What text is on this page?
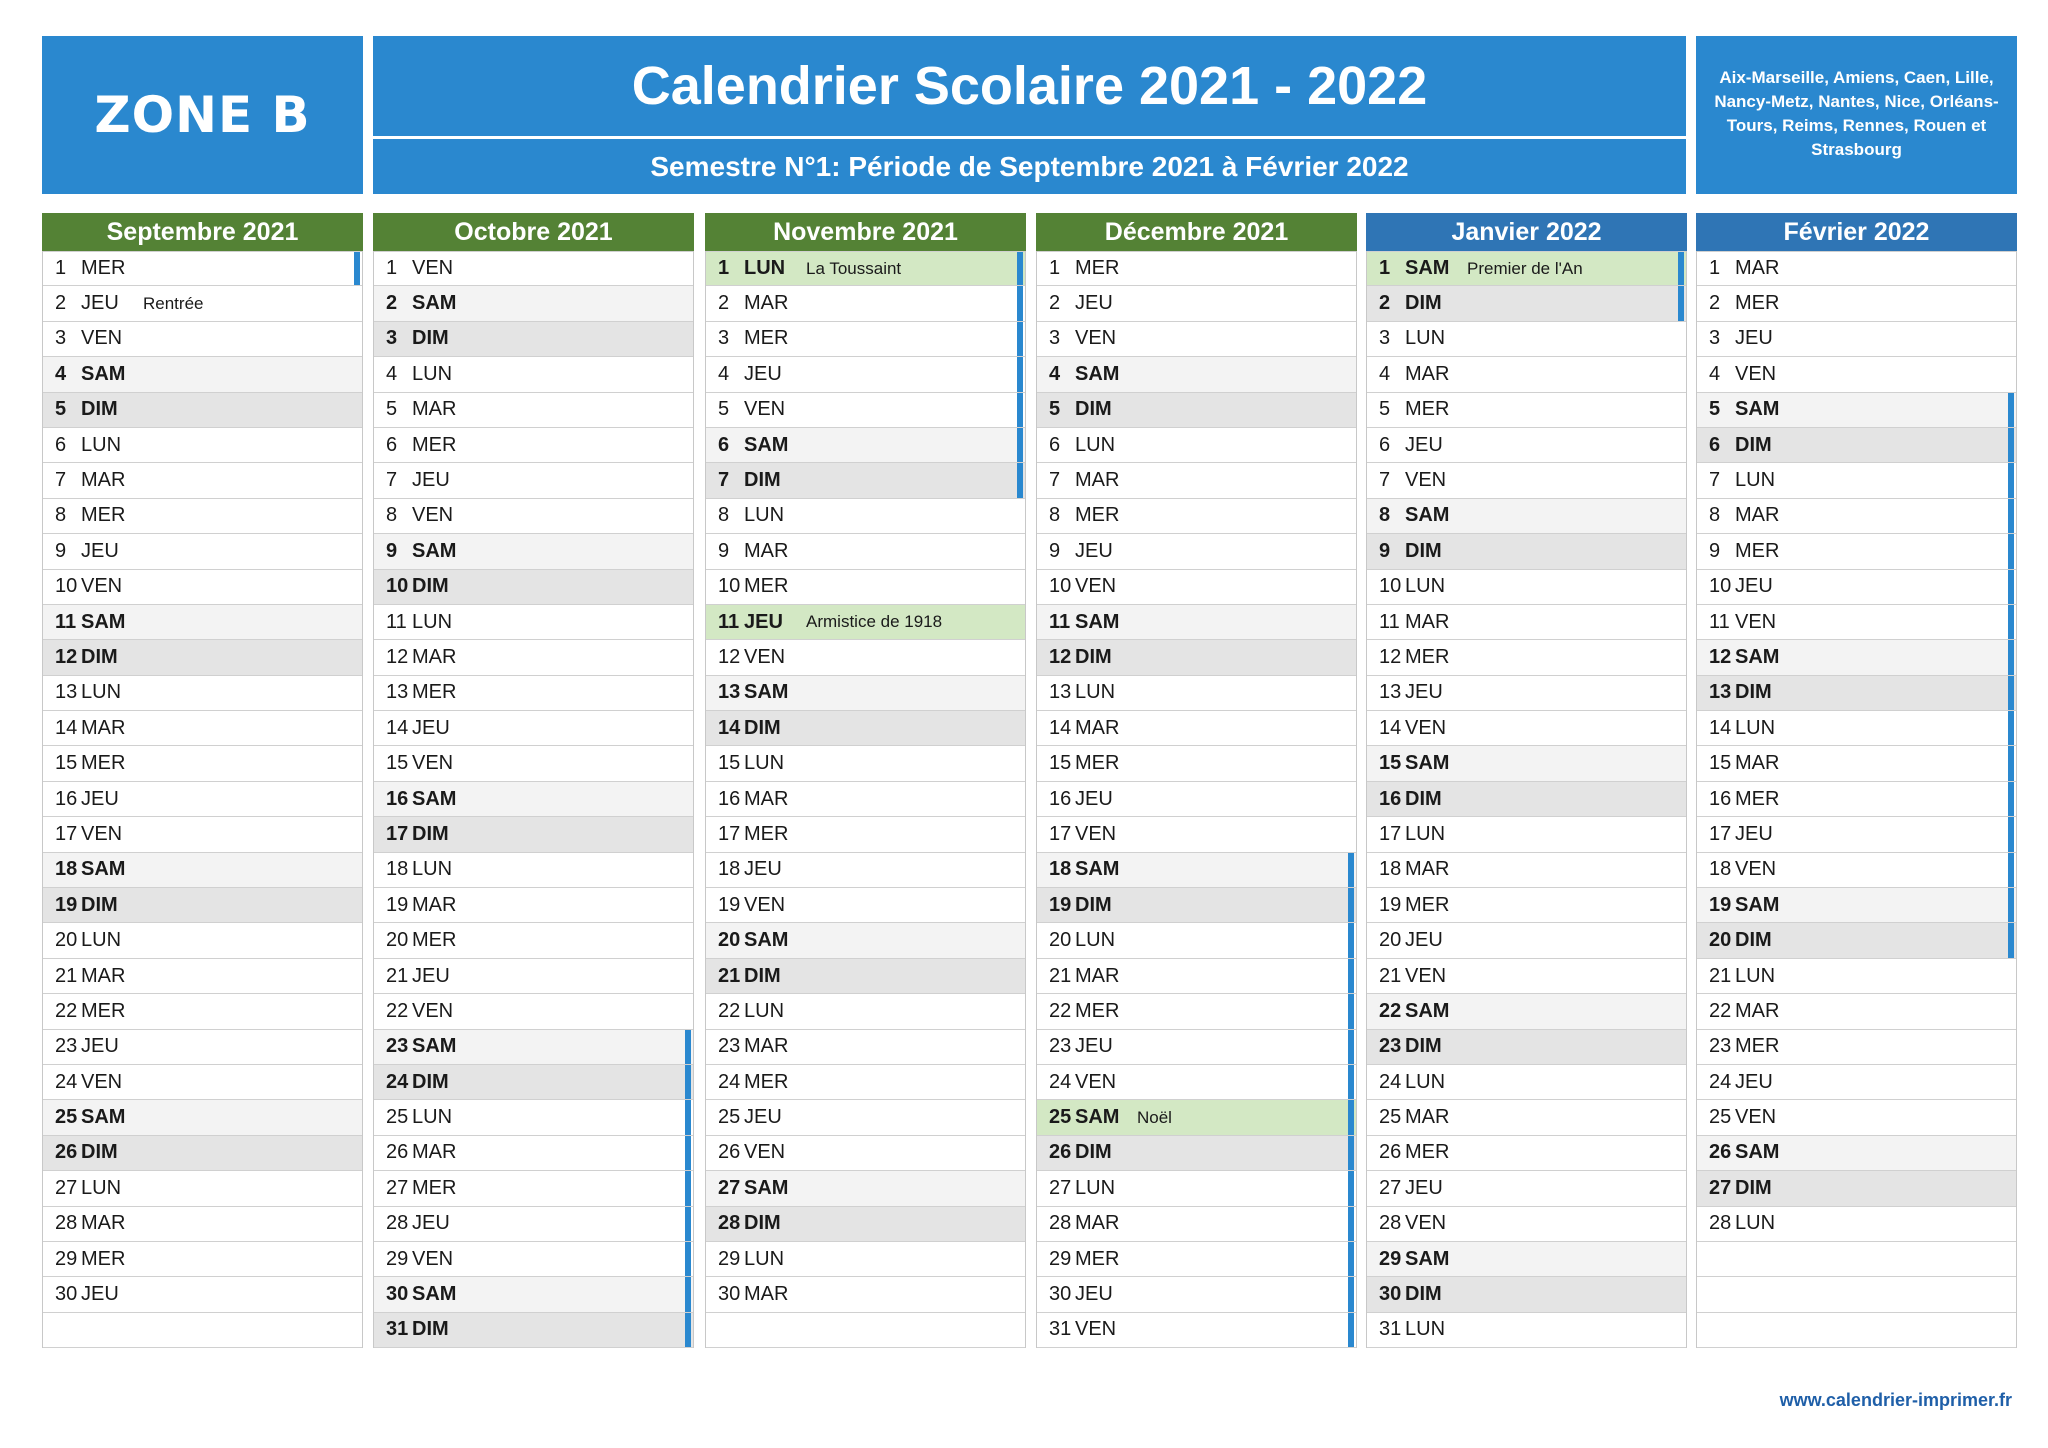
ZONE B	Calendrier Scolaire 2021 - 2022
Semestre N°1: Période de Septembre 2021 à Février 2022
Aix-Marseille, Amiens, Caen, Lille, Nancy-Metz, Nantes, Nice, Orléans-Tours, Reims, Rennes, Rouen et Strasbourg
Septembre 2021
1 MER
2 JEU	Rentrée
3 VEN
4 SAM
5 DIM
6 LUN
7 MAR
8 MER
9 JEU
10 VEN
11 SAM
12 DIM
13 LUN
14 MAR
15 MER
16 JEU
17 VEN
18 SAM
19 DIM
20 LUN
21 MAR
22 MER
23 JEU
24 VEN
25 SAM
26 DIM
27 LUN
28 MAR
29 MER
30 JEU
Octobre 2021
1 VEN
2 SAM
3 DIM
4 LUN
5 MAR
6 MER
7 JEU
8 VEN
9 SAM
10 DIM
11 LUN
12 MAR
13 MER
14 JEU
15 VEN
16 SAM
17 DIM
18 LUN
19 MAR
20 MER
21 JEU
22 VEN
23 SAM
24 DIM
25 LUN
26 MAR
27 MER
28 JEU
29 VEN
30 SAM
31 DIM
Novembre 2021
1 LUN	La Toussaint
2 MAR
3 MER
4 JEU
5 VEN
6 SAM
7 DIM
8 LUN
9 MAR
10 MER
11 JEU	Armistice de 1918
12 VEN
13 SAM
14 DIM
15 LUN
16 MAR
17 MER
18 JEU
19 VEN
20 SAM
21 DIM
22 LUN
23 MAR
24 MER
25 JEU
26 VEN
27 SAM
28 DIM
29 LUN
30 MAR
Décembre 2021
1 MER
2 JEU
3 VEN
4 SAM
5 DIM
6 LUN
7 MAR
8 MER
9 JEU
10 VEN
11 SAM
12 DIM
13 LUN
14 MAR
15 MER
16 JEU
17 VEN
18 SAM
19 DIM
20 LUN
21 MAR
22 MER
23 JEU
24 VEN
25 SAM	Noël
26 DIM
27 LUN
28 MAR
29 MER
30 JEU
31 VEN
Janvier 2022
1 SAM	Premier de l'An
2 DIM
3 LUN
4 MAR
5 MER
6 JEU
7 VEN
8 SAM
9 DIM
10 LUN
11 MAR
12 MER
13 JEU
14 VEN
15 SAM
16 DIM
17 LUN
18 MAR
19 MER
20 JEU
21 VEN
22 SAM
23 DIM
24 LUN
25 MAR
26 MER
27 JEU
28 VEN
29 SAM
30 DIM
31 LUN
Février 2022
1 MAR
2 MER
3 JEU
4 VEN
5 SAM
6 DIM
7 LUN
8 MAR
9 MER
10 JEU
11 VEN
12 SAM
13 DIM
14 LUN
15 MAR
16 MER
17 JEU
18 VEN
19 SAM
20 DIM
21 LUN
22 MAR
23 MER
24 JEU
25 VEN
26 SAM
27 DIM
28 LUN
www.calendrier-imprimer.fr
